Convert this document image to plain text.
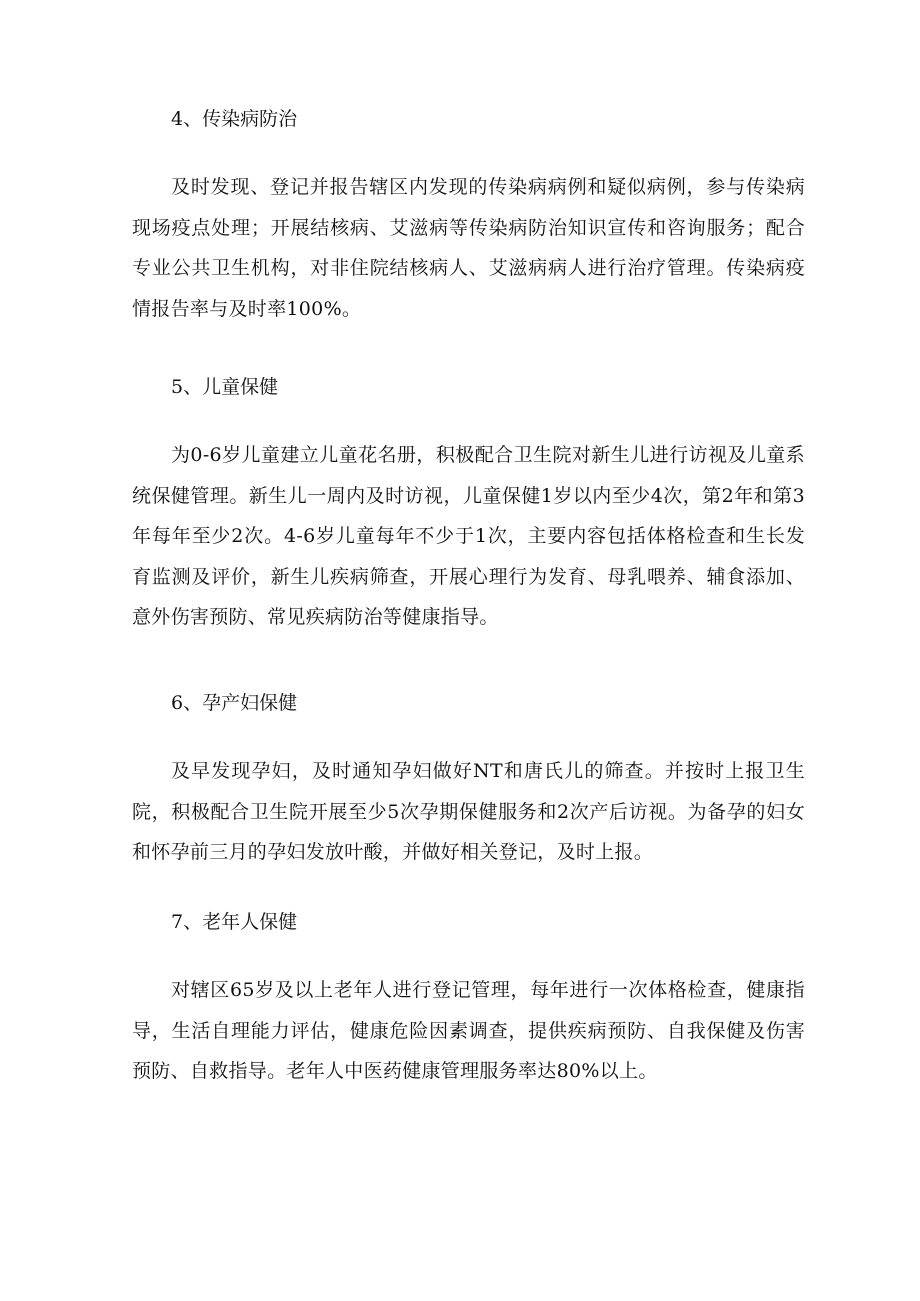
4、传染病防治

及时发现、登记并报告辖区内发现的传染病病例和疑似病例，参与传染病现场疫点处理；开展结核病、艾滋病等传染病防治知识宣传和咨询服务；配合专业公共卫生机构，对非住院结核病人、艾滋病病人进行治疗管理。传染病疫情报告率与及时率100%。

5、儿童保健

为0-6岁儿童建立儿童花名册，积极配合卫生院对新生儿进行访视及儿童系统保健管理。新生儿一周内及时访视，儿童保健1岁以内至少4次，第2年和第3年每年至少2次。4-6岁儿童每年不少于1次，主要内容包括体格检查和生长发育监测及评价，新生儿疾病筛查，开展心理行为发育、母乳喂养、辅食添加、意外伤害预防、常见疾病防治等健康指导。

6、孕产妇保健

及早发现孕妇，及时通知孕妇做好NT和唐氏儿的筛查。并按时上报卫生院，积极配合卫生院开展至少5次孕期保健服务和2次产后访视。为备孕的妇女和怀孕前三月的孕妇发放叶酸，并做好相关登记，及时上报。

7、老年人保健

对辖区65岁及以上老年人进行登记管理，每年进行一次体格检查，健康指导，生活自理能力评估，健康危险因素调查，提供疾病预防、自我保健及伤害预防、自救指导。老年人中医药健康管理服务率达80%以上。
